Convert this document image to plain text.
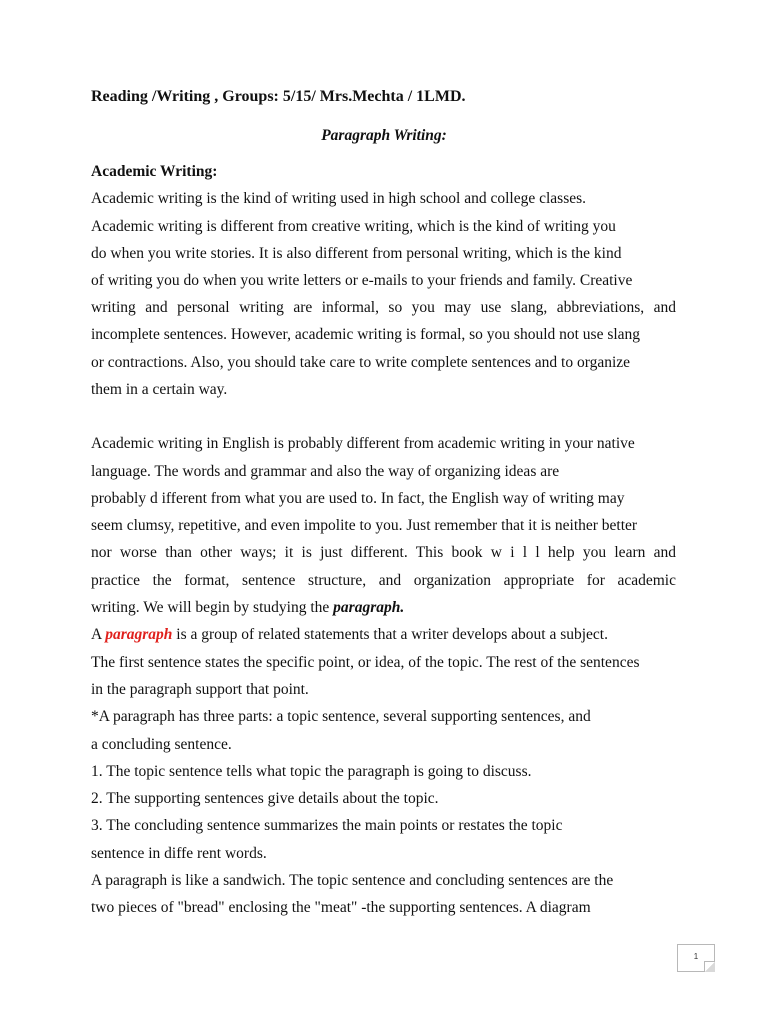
Reading /Writing , Groups: 5/15/ Mrs.Mechta / 1LMD.
Paragraph Writing:
Academic Writing:
Academic writing is the kind of writing used in high school and college classes.
Academic writing is different from creative writing, which is the kind of writing you
do when you write stories. It is also different from personal writing, which is the kind
of writing you do when you write letters or e-mails to your friends and family. Creative
writing and personal writing are informal, so you may use slang, abbreviations, and
incomplete sentences. However, academic writing is formal, so you should not use slang
or contractions. Also, you should take care to write complete sentences and to organize
them in a certain way.
Academic writing in English is probably different from academic writing in your native
language. The words and grammar and also the way of organizing ideas are
probably d ifferent from what you are used to. In fact, the English way of writing may
seem clumsy, repetitive, and even impolite to you. Just remember that it is neither better
nor worse than other ways; it is just different. This book w i l l help you learn and
practice the format, sentence structure, and organization appropriate for academic
writing. We will begin by studying the paragraph.
A paragraph is a group of related statements that a writer develops about a subject.
The first sentence states the specific point, or idea, of the topic. The rest of the sentences
in the paragraph support that point.
*A paragraph has three parts: a topic sentence, several supporting sentences, and
a concluding sentence.
1. The topic sentence tells what topic the paragraph is going to discuss.
2. The supporting sentences give details about the topic.
3. The concluding sentence summarizes the main points or restates the topic
sentence in diffe rent words.
A paragraph is like a sandwich. The topic sentence and concluding sentences are the
two pieces of "bread" enclosing the "meat" -the supporting sentences. A diagram
1
